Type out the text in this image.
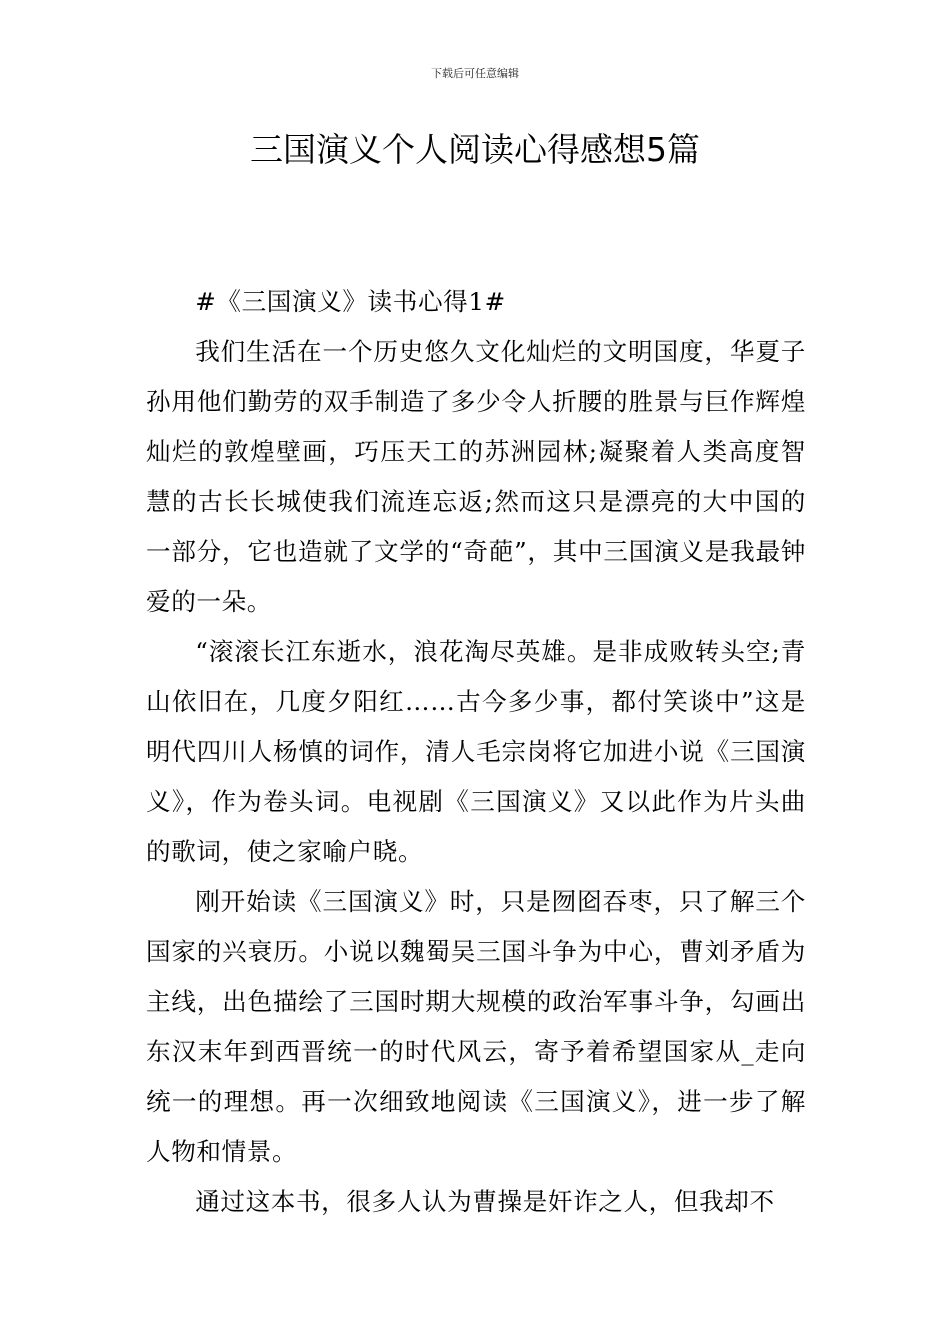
下载后可任意编辑
三国演义个人阅读心得感想5篇

#《三国演义》读书心得1#

我们生活在一个历史悠久文化灿烂的文明国度，华夏子孙用他们勤劳的双手制造了多少令人折腰的胜景与巨作辉煌灿烂的敦煌壁画，巧压天工的苏洲园林;凝聚着人类高度智慧的古长长城使我们流连忘返;然而这只是漂亮的大中国的一部分，它也造就了文学的“奇葩”，其中三国演义是我最钟爱的一朵。

“滚滚长江东逝水，浪花淘尽英雄。是非成败转头空;青山依旧在，几度夕阳红……古今多少事，都付笑谈中”这是明代四川人杨慎的词作，清人毛宗岗将它加进小说《三国演义》，作为卷头词。电视剧《三国演义》又以此作为片头曲的歌词，使之家喻户晓。

刚开始读《三国演义》时，只是囫囵吞枣，只了解三个国家的兴衰历。小说以魏蜀吴三国斗争为中心，曹刘矛盾为主线，出色描绘了三国时期大规模的政治军事斗争，勾画出东汉末年到西晋统一的时代风云，寄予着希望国家从_走向统一的理想。再一次细致地阅读《三国演义》，进一步了解人物和情景。

通过这本书，很多人认为曹操是奸诈之人，但我却不
